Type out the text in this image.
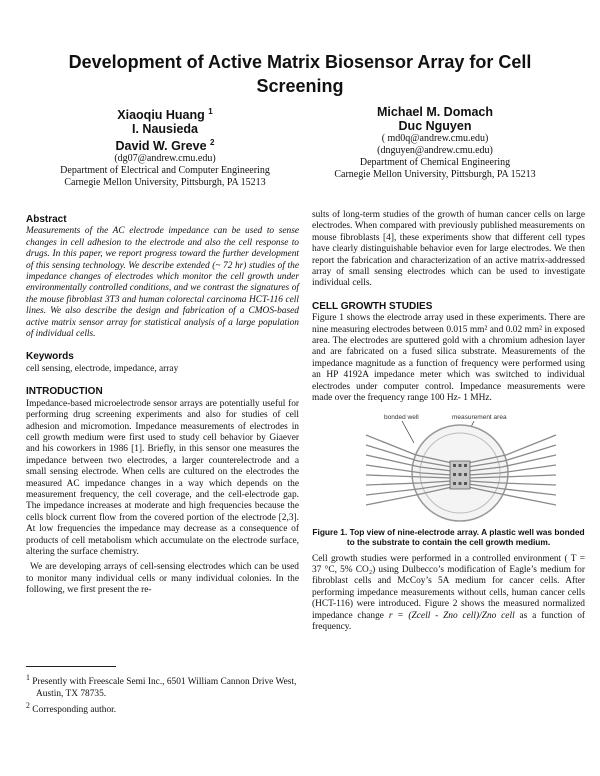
Development of Active Matrix Biosensor Array for Cell Screening
Xiaoqiu Huang $^1$
I. Nausieda
David W. Greve $^2$
(dg07@andrew.cmu.edu)
Department of Electrical and Computer Engineering
Carnegie Mellon University, Pittsburgh, PA 15213
Michael M. Domach
Duc Nguyen
( md0q@andrew.cmu.edu)
(dnguyen@andrew.cmu.edu)
Department of Chemical Engineering
Carnegie Mellon University, Pittsburgh, PA 15213
Abstract

Measurements of the AC electrode impedance can be used to sense changes in cell adhesion to the electrode and also the cell response to drugs. In this paper, we report progress toward the further development of this sensing technology. We describe extended (~ 72 hr) studies of the impedance changes of electrodes which monitor the cell growth under environmentally controlled conditions, and we contrast the signatures of the mouse fibroblast 3T3 and human colorectal carcinoma HCT-116 cell lines. We also describe the design and fabrication of a CMOS-based active matrix sensor array for statistical analysis of a large population of individual cells.

Keywords

cell sensing, electrode, impedance, array

INTRODUCTION

Impedance-based microelectrode sensor arrays are potentially useful for performing drug screening experiments and also for studies of cell adhesion and micromotion. Impedance measurements of electrodes in cell growth medium were first used to study cell behavior by Giaever and his coworkers in 1986 [1]. Briefly, in this sensor one measures the impedance between two electrodes, a larger counterelectrode and a small sensing electrode. When cells are cultured on the electrodes the measured AC impedance changes in a way which depends on the measurement frequency, the cell coverage, and the cell-electrode gap. The impedance increases at moderate and high frequencies because the cells block current flow from the covered portion of the electrode [2,3]. At low frequencies the impedance may decrease as a consequence of products of cell metabolism which accumulate on the electrode surface, altering the surface chemistry.

We are developing arrays of cell-sensing electrodes which can be used to monitor many individual cells or many individual colonies. In the following, we first present the re-

$^1$ Presently with Freescale Semi Inc., 6501 William Cannon Drive West, Austin, TX 78735.
$^2$ Corresponding author.

sults of long-term studies of the growth of human cancer cells on large electrodes. When compared with previously published measurements on mouse fibroblasts [4], these experiments show that different cell types have clearly distinguishable behavior even for large electrodes. We then report the fabrication and characterization of an active matrix-addressed array of small sensing electrodes which can be used to investigate individual cells.

CELL GROWTH STUDIES

Figure 1 shows the electrode array used in these experiments. There are nine measuring electrodes between 0.015 mm² and 0.02 mm² in exposed area. The electrodes are sputtered gold with a chromium adhesion layer and are fabricated on a fused silica substrate. Measurements of the impedance magnitude as a function of frequency were performed using an HP 4192A impedance meter which was switched to individual electrodes under computer control. Impedance measurements were made over the frequency range 100 Hz- 1 MHz.

bonded well	measurement area
Figure 1. Top view of nine-electrode array. A plastic well was bonded to the substrate to contain the cell growth medium.

Cell growth studies were performed in a controlled environment ( T = 37 °C, 5% CO₂) using Dulbecco’s modification of Eagle’s medium for fibroblast cells and McCoy’s 5A medium for cancer cells. After performing impedance measurements without cells, human cancer cells (HCT-116) were introduced. Figure 2 shows the measured normalized impedance change r = (Zcell - Zno cell)/Zno cell as a function of frequency.
